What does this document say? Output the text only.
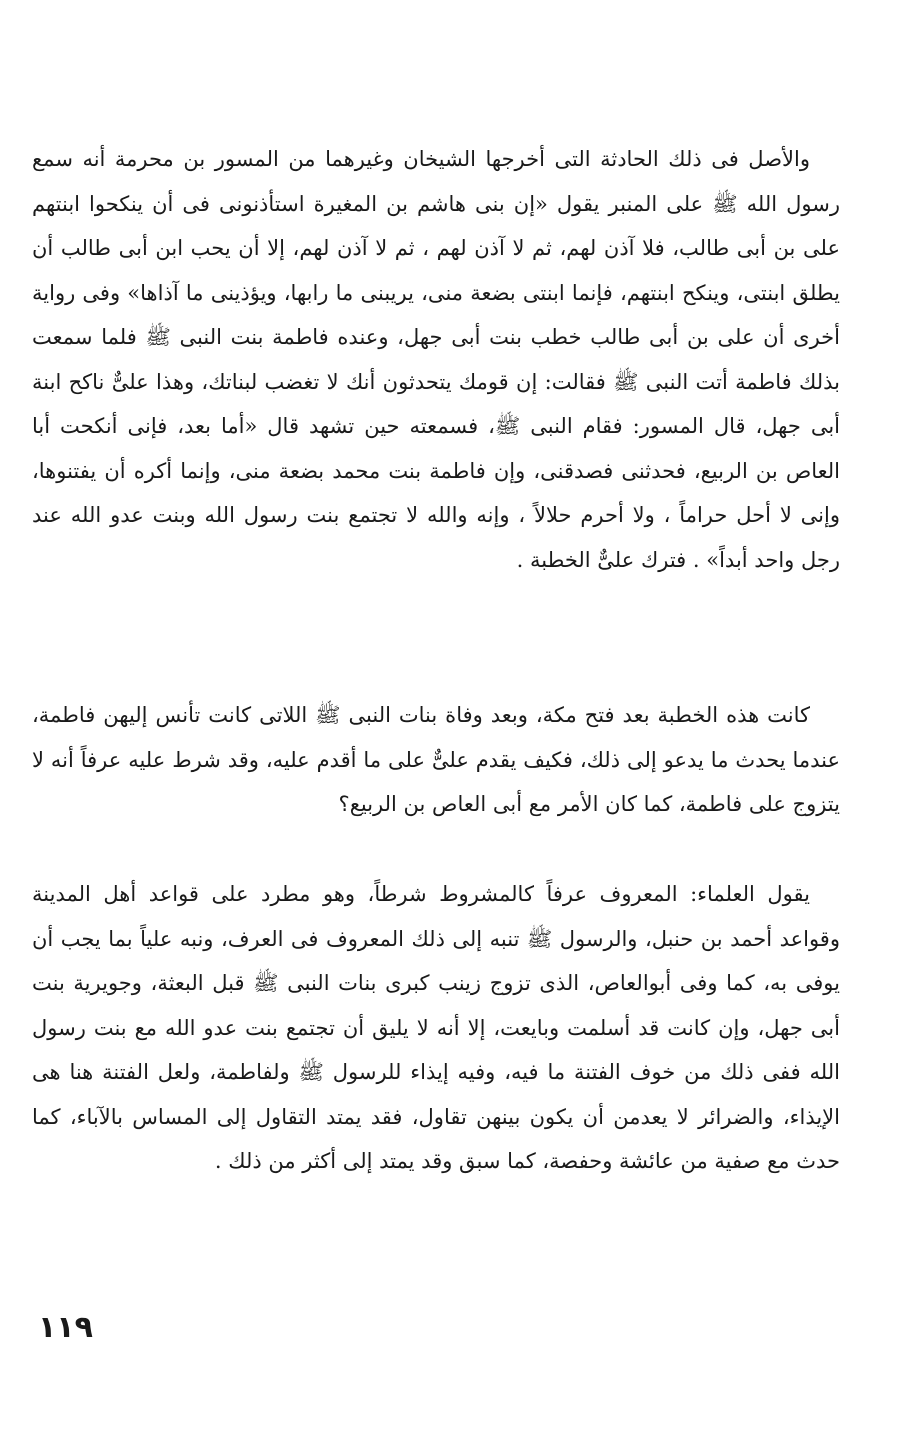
والأصل فى ذلك الحادثة التى أخرجها الشيخان وغيرهما من المسور بن محرمة أنه سمع رسول الله ﷺ على المنبر يقول «إن بنى هاشم بن المغيرة استأذنونى فى أن ينكحوا ابنتهم على بن أبى طالب، فلا آذن لهم، ثم لا آذن لهم ، ثم لا آذن لهم، إلا أن يحب ابن أبى طالب أن يطلق ابنتى، وينكح ابنتهم، فإنما ابنتى بضعة منى، يريبنى ما رابها، ويؤذينى ما آذاها» وفى رواية أخرى أن على بن أبى طالب خطب بنت أبى جهل، وعنده فاطمة بنت النبى ﷺ فلما سمعت بذلك فاطمة أتت النبى ﷺ فقالت: إن قومك يتحدثون أنك لا تغضب لبناتك، وهذا علىٌّ ناكح ابنة أبى جهل، قال المسور: فقام النبى ﷺ، فسمعته حين تشهد قال «أما بعد، فإنى أنكحت أبا العاص بن الربيع، فحدثنى فصدقنى، وإن فاطمة بنت محمد بضعة منى، وإنما أكره أن يفتنوها، وإنى لا أحل حراماً ، ولا أحرم حلالاً ، وإنه والله لا تجتمع بنت رسول الله وبنت عدو الله عند رجل واحد أبداً» . فترك علىٌّ الخطبة .

كانت هذه الخطبة بعد فتح مكة، وبعد وفاة بنات النبى ﷺ اللاتى كانت تأنس إليهن فاطمة، عندما يحدث ما يدعو إلى ذلك، فكيف يقدم علىٌّ على ما أقدم عليه، وقد شرط عليه عرفاً أنه لا يتزوج على فاطمة، كما كان الأمر مع أبى العاص بن الربيع؟

يقول العلماء: المعروف عرفاً كالمشروط شرطاً، وهو مطرد على قواعد أهل المدينة وقواعد أحمد بن حنبل، والرسول ﷺ تنبه إلى ذلك المعروف فى العرف، ونبه علياً بما يجب أن يوفى به، كما وفى أبوالعاص، الذى تزوج زينب كبرى بنات النبى ﷺ قبل البعثة، وجويرية بنت أبى جهل، وإن كانت قد أسلمت وبايعت، إلا أنه لا يليق أن تجتمع بنت عدو الله مع بنت رسول الله ففى ذلك من خوف الفتنة ما فيه، وفيه إيذاء للرسول ﷺ ولفاطمة، ولعل الفتنة هنا هى الإيذاء، والضرائر لا يعدمن أن يكون بينهن تقاول، فقد يمتد التقاول إلى المساس بالآباء، كما حدث مع صفية من عائشة وحفصة، كما سبق وقد يمتد إلى أكثر من ذلك .

١١٩
